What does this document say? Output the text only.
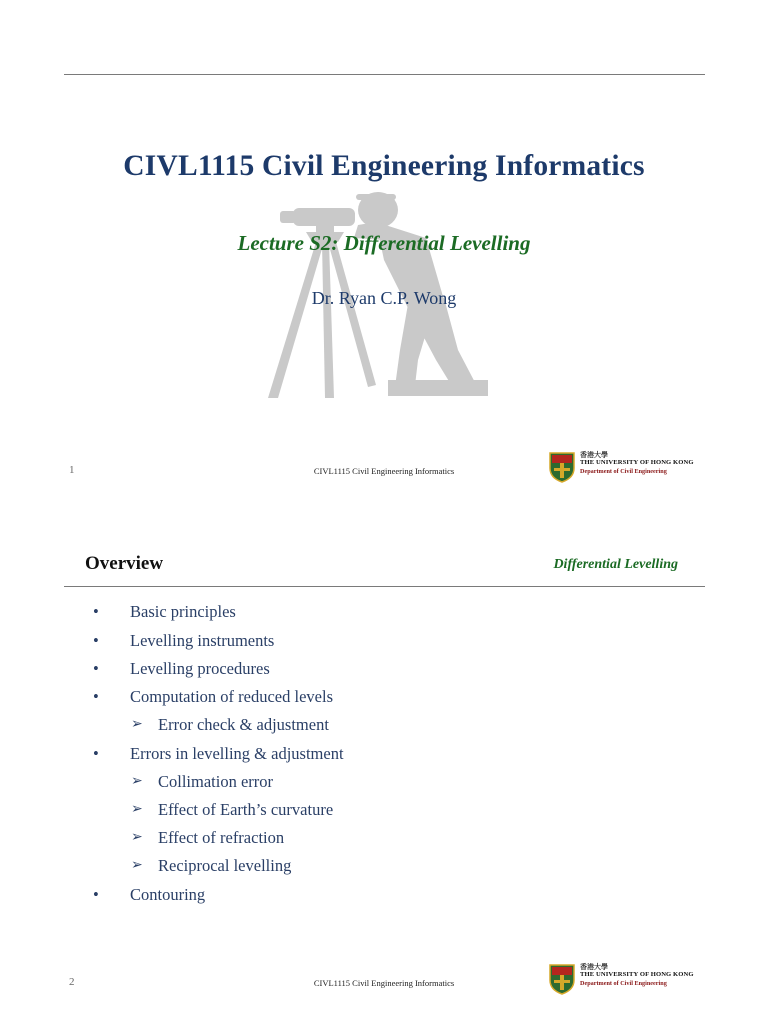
CIVL1115 Civil Engineering Informatics
Lecture S2: Differential Levelling
Dr. Ryan C.P. Wong
1	CIVL1115 Civil Engineering Informatics
香港大學
THE UNIVERSITY OF HONG KONG
Department of Civil Engineering
Overview	Differential Levelling
• Basic principles
• Levelling instruments
• Levelling procedures
• Computation of reduced levels
➢ Error check & adjustment
• Errors in levelling & adjustment
➢ Collimation error
➢ Effect of Earth’s curvature
➢ Effect of refraction
➢ Reciprocal levelling
• Contouring
2	CIVL1115 Civil Engineering Informatics
香港大學
THE UNIVERSITY OF HONG KONG
Department of Civil Engineering
